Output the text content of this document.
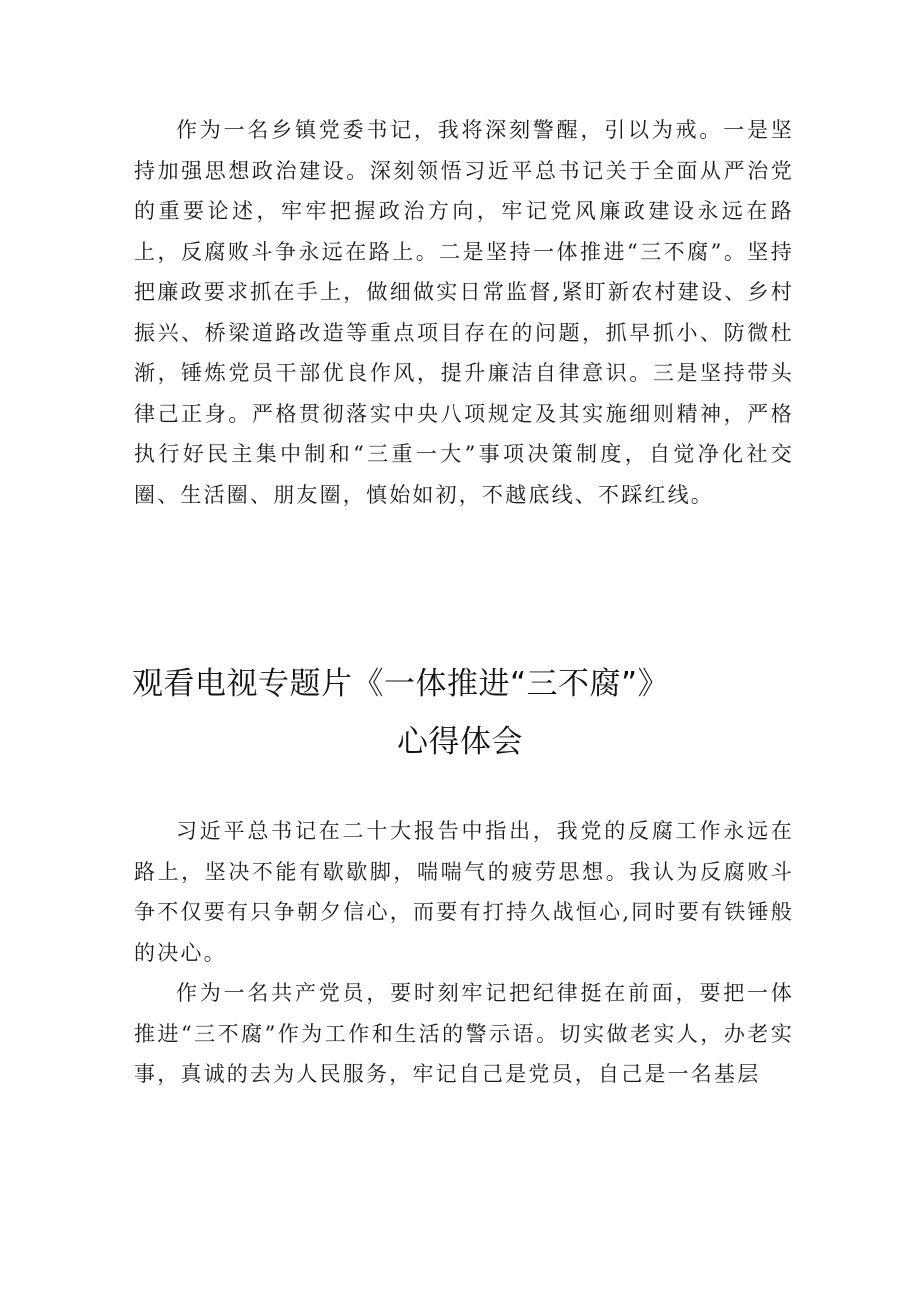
作为一名乡镇党委书记，我将深刻警醒，引以为戒。一是坚持加强思想政治建设。深刻领悟习近平总书记关于全面从严治党的重要论述，牢牢把握政治方向，牢记党风廉政建设永远在路上，反腐败斗争永远在路上。二是坚持一体推进“三不腐”。坚持把廉政要求抓在手上，做细做实日常监督,紧盯新农村建设、乡村振兴、桥梁道路改造等重点项目存在的问题，抓早抓小、防微杜渐，锤炼党员干部优良作风，提升廉洁自律意识。三是坚持带头律己正身。严格贯彻落实中央八项规定及其实施细则精神，严格执行好民主集中制和“三重一大”事项决策制度，自觉净化社交圈、生活圈、朋友圈，慎始如初，不越底线、不踩红线。

观看电视专题片《一体推进“三不腐”》
心得体会

习近平总书记在二十大报告中指出，我党的反腐工作永远在路上，坚决不能有歇歇脚，喘喘气的疲劳思想。我认为反腐败斗争不仅要有只争朝夕信心，而要有打持久战恒心,同时要有铁锤般的决心。

作为一名共产党员，要时刻牢记把纪律挺在前面，要把一体推进“三不腐”作为工作和生活的警示语。切实做老实人，办老实事，真诚的去为人民服务，牢记自己是党员，自己是一名基层
